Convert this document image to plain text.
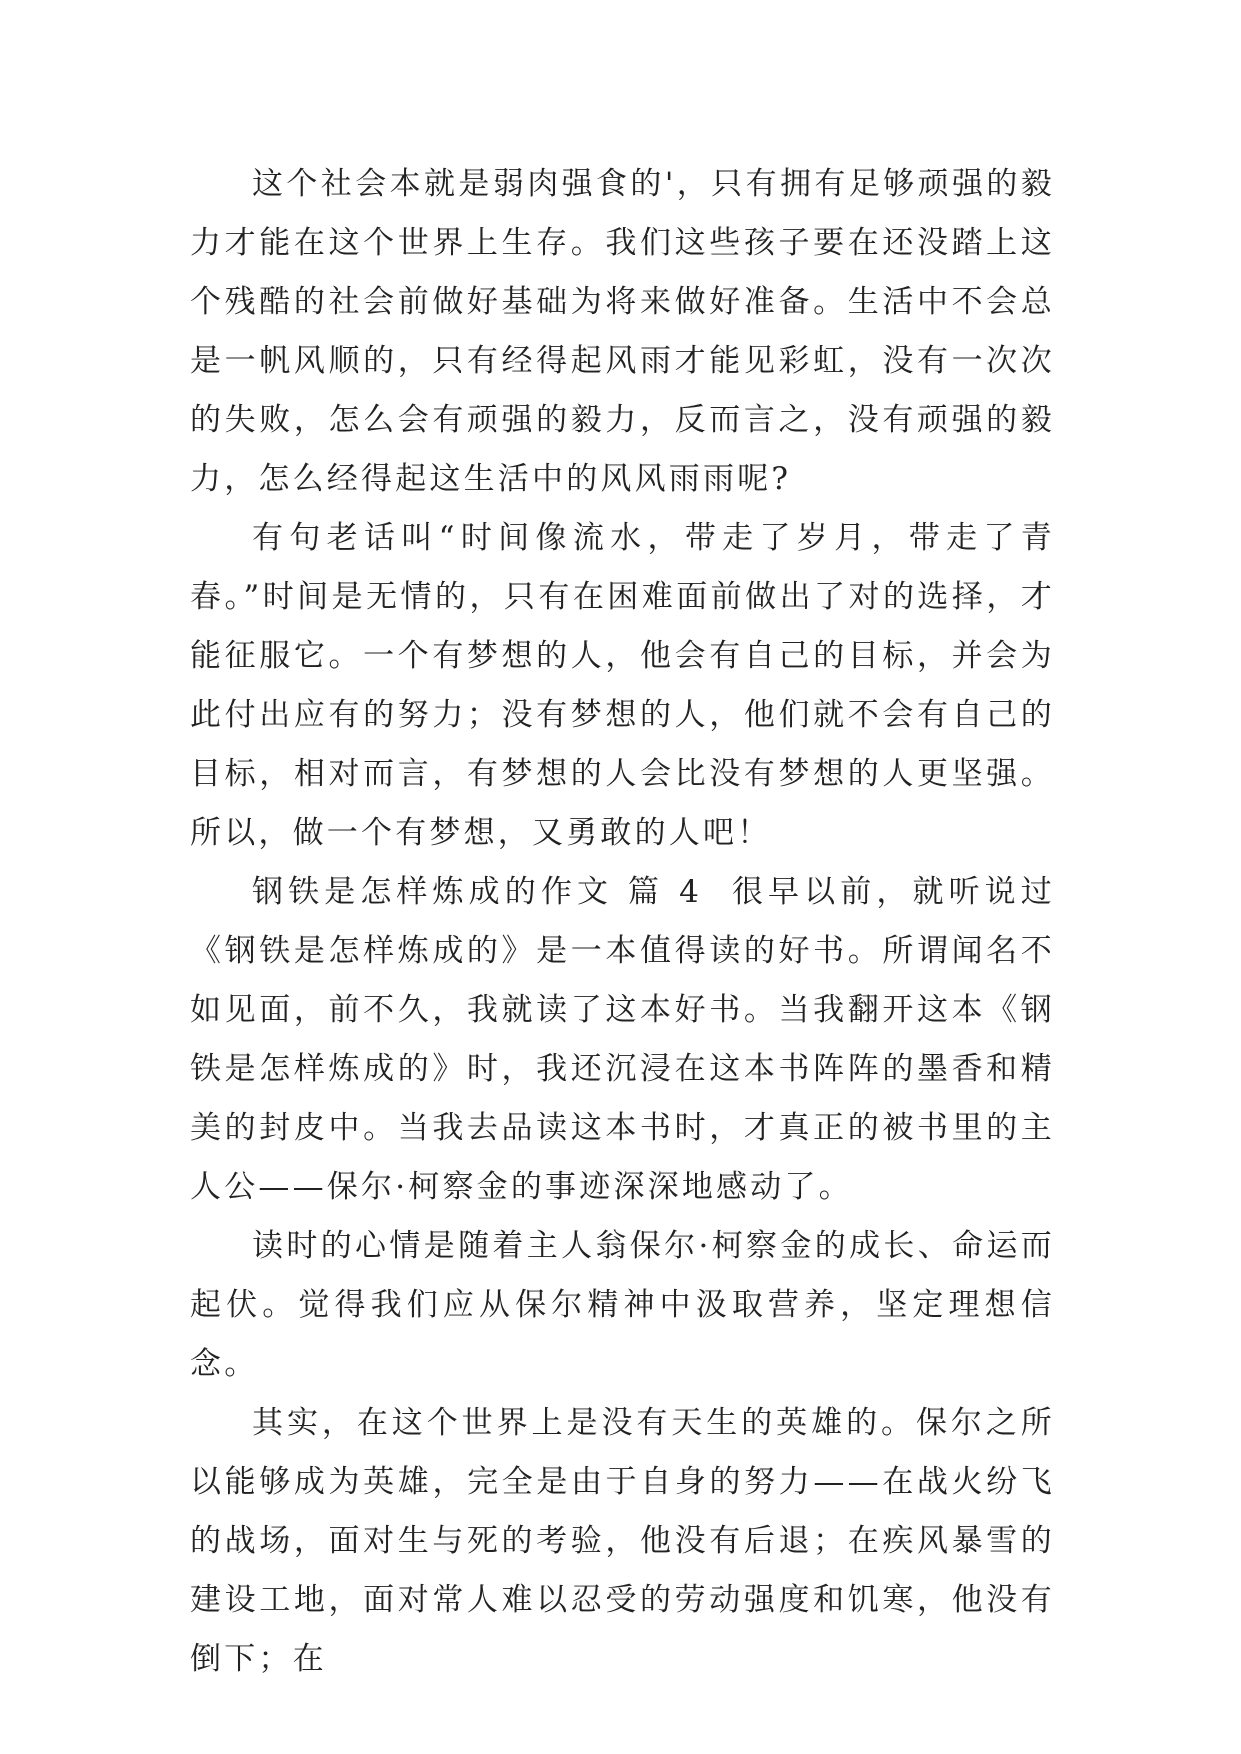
这个社会本就是弱肉强食的'，只有拥有足够顽强的毅力才能在这个世界上生存。我们这些孩子要在还没踏上这个残酷的社会前做好基础为将来做好准备。生活中不会总是一帆风顺的，只有经得起风雨才能见彩虹，没有一次次的失败，怎么会有顽强的毅力，反而言之，没有顽强的毅力，怎么经得起这生活中的风风雨雨呢?

有句老话叫“时间像流水，带走了岁月，带走了青春。”时间是无情的，只有在困难面前做出了对的选择，才能征服它。一个有梦想的人，他会有自己的目标，并会为此付出应有的努力；没有梦想的人，他们就不会有自己的目标，相对而言，有梦想的人会比没有梦想的人更坚强。所以，做一个有梦想，又勇敢的人吧！

钢铁是怎样炼成的作文 篇 4 很早以前，就听说过《钢铁是怎样炼成的》是一本值得读的好书。所谓闻名不如见面，前不久，我就读了这本好书。当我翻开这本《钢铁是怎样炼成的》时，我还沉浸在这本书阵阵的墨香和精美的封皮中。当我去品读这本书时，才真正的被书里的主人公——保尔·柯察金的事迹深深地感动了。

读时的心情是随着主人翁保尔·柯察金的成长、命运而起伏。觉得我们应从保尔精神中汲取营养，坚定理想信念。

其实，在这个世界上是没有天生的英雄的。保尔之所以能够成为英雄，完全是由于自身的努力——在战火纷飞的战场，面对生与死的考验，他没有后退；在疾风暴雪的建设工地，面对常人难以忍受的劳动强度和饥寒，他没有倒下；在
